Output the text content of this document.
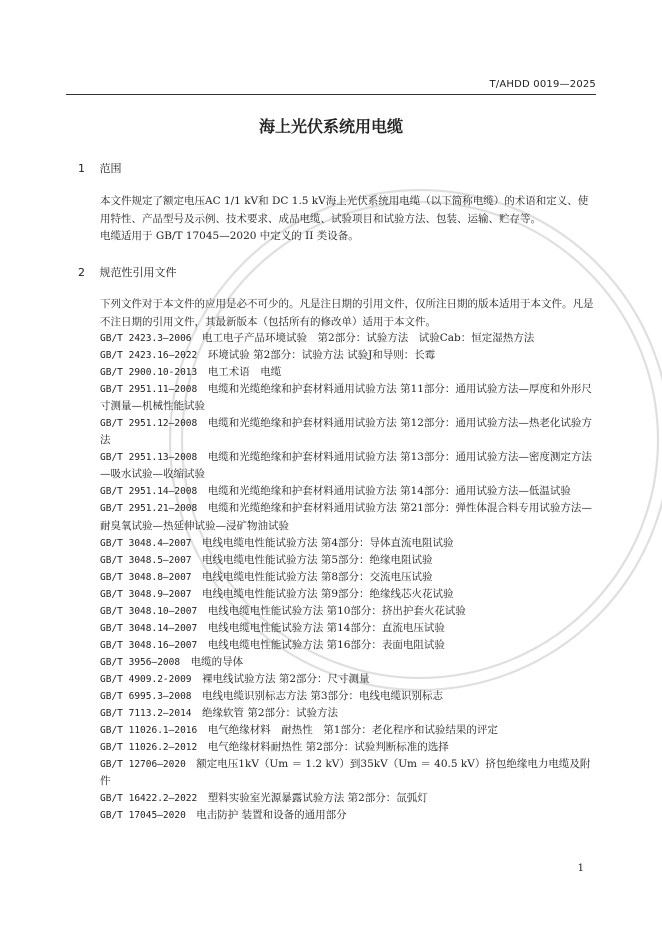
T/AHDD 0019—2025
海上光伏系统用电缆
1 范围
本文件规定了额定电压AC 1/1 kV和 DC 1.5 kV海上光伏系统用电缆（以下简称电缆）的术语和定义、使用特性、产品型号及示例、技术要求、成品电缆、试验项目和试验方法、包装、运输、贮存等。
电缆适用于 GB/T 17045—2020 中定义的 II 类设备。
2 规范性引用文件
下列文件对于本文件的应用是必不可少的。凡是注日期的引用文件，仅所注日期的版本适用于本文件。凡是不注日期的引用文件，其最新版本（包括所有的修改单）适用于本文件。
GB/T 2423.3—2006　 电工电子产品环境试验　第2部分：试验方法　试验Cab：恒定湿热方法
GB/T 2423.16—2022　 环境试验 第2部分：试验方法 试验J和导则：长霉
GB/T 2900.10-2013　 电工术语　电缆
GB/T 2951.11—2008　 电缆和光缆绝缘和护套材料通用试验方法 第11部分：通用试验方法—厚度和外形尺寸测量—机械性能试验
GB/T 2951.12—2008　 电缆和光缆绝缘和护套材料通用试验方法 第12部分：通用试验方法—热老化试验方法
GB/T 2951.13—2008　 电缆和光缆绝缘和护套材料通用试验方法 第13部分：通用试验方法—密度测定方法—吸水试验—收缩试验
GB/T 2951.14—2008　 电缆和光缆绝缘和护套材料通用试验方法 第14部分：通用试验方法—低温试验
GB/T 2951.21—2008　 电缆和光缆绝缘和护套材料通用试验方法 第21部分：弹性体混合料专用试验方法—耐臭氧试验—热延伸试验—浸矿物油试验
GB/T 3048.4—2007　 电线电缆电性能试验方法 第4部分：导体直流电阻试验
GB/T 3048.5—2007　 电线电缆电性能试验方法 第5部分：绝缘电阻试验
GB/T 3048.8—2007　 电线电缆电性能试验方法 第8部分：交流电压试验
GB/T 3048.9—2007　 电线电缆电性能试验方法 第9部分：绝缘线芯火花试验
GB/T 3048.10—2007　 电线电缆电性能试验方法 第10部分：挤出护套火花试验
GB/T 3048.14—2007　 电线电缆电性能试验方法 第14部分：直流电压试验
GB/T 3048.16—2007　 电线电缆电性能试验方法 第16部分：表面电阻试验
GB/T 3956—2008　 电缆的导体
GB/T 4909.2-2009　 裸电线试验方法 第2部分：尺寸测量
GB/T 6995.3—2008　 电线电缆识别标志方法 第3部分：电线电缆识别标志
GB/T 7113.2—2014　 绝缘软管 第2部分：试验方法
GB/T 11026.1—2016　 电气绝缘材料　耐热性　第1部分：老化程序和试验结果的评定
GB/T 11026.2—2012　 电气绝缘材料耐热性 第2部分：试验判断标准的选择
GB/T 12706—2020　 额定电压1kV（Um ＝ 1.2 kV）到35kV（Um ＝ 40.5 kV）挤包绝缘电力电缆及附件
GB/T 16422.2—2022　 塑料实验室光源暴露试验方法 第2部分：氙弧灯
GB/T 17045—2020　 电击防护 装置和设备的通用部分
1
